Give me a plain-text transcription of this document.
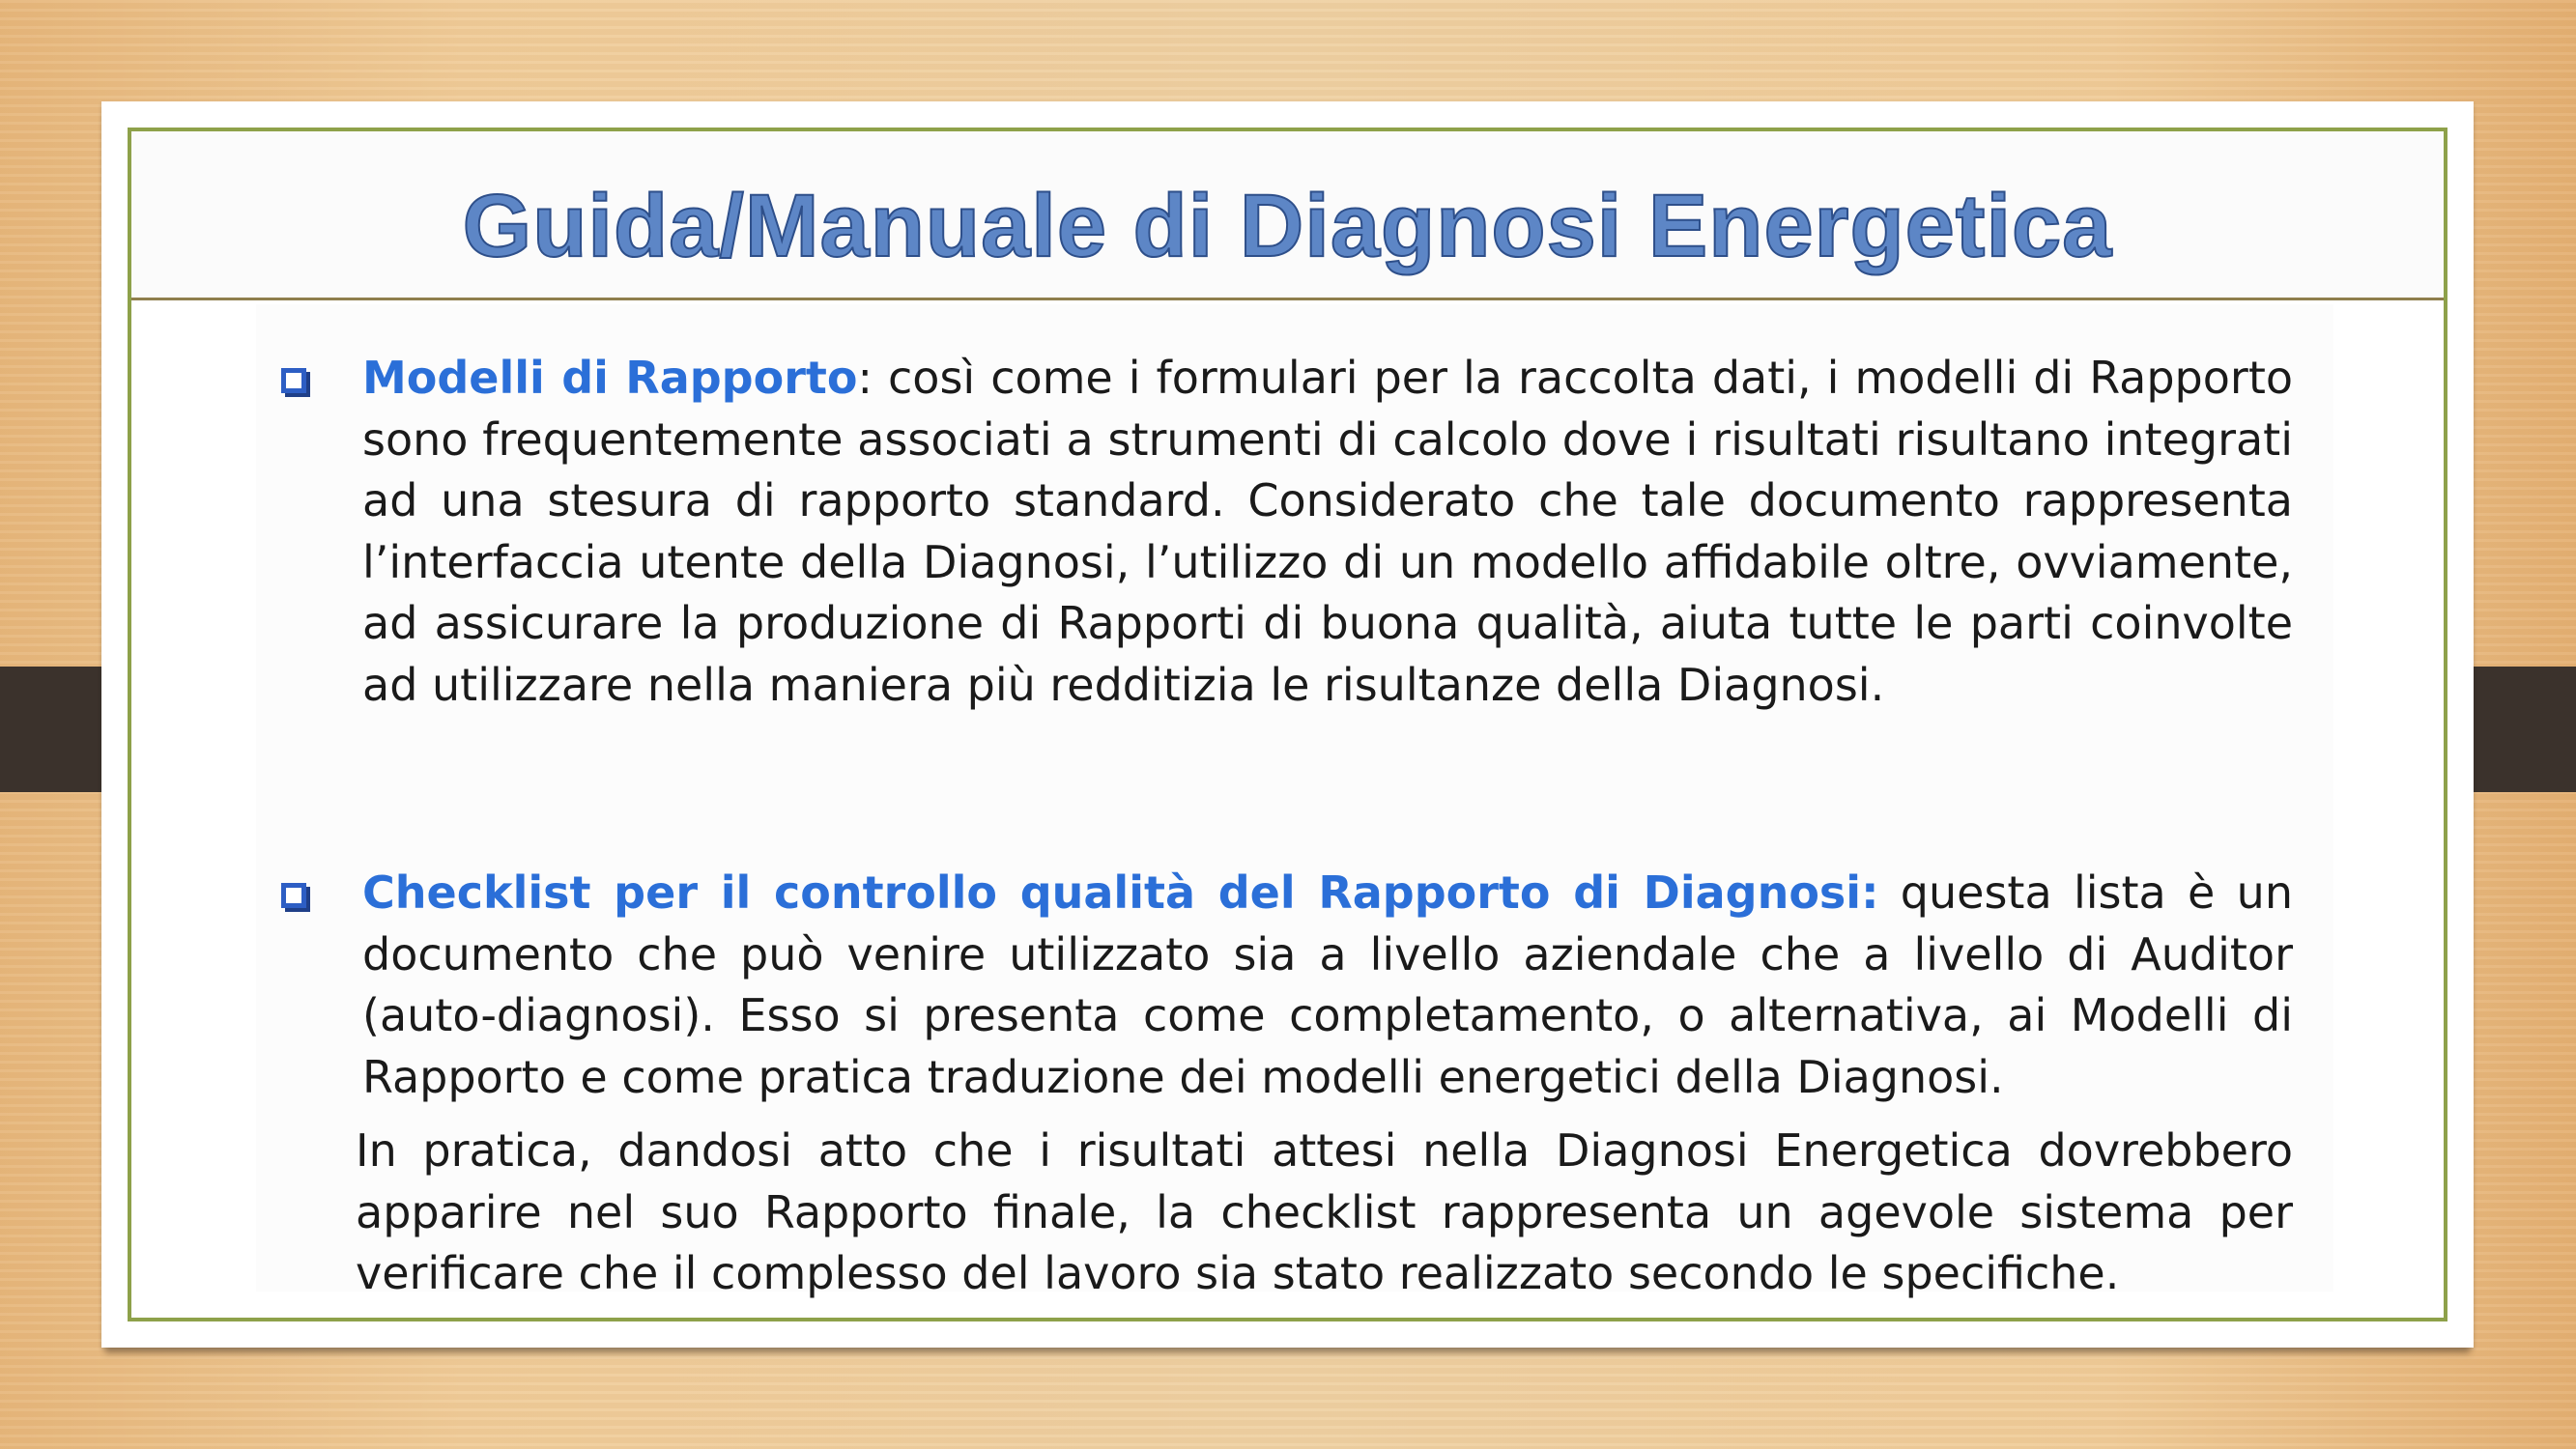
Guida/Manuale di Diagnosi Energetica
Modelli di Rapporto: così come i formulari per la raccolta dati, i modelli di Rapporto sono frequentemente associati a strumenti di calcolo dove i risultati risultano integrati ad una stesura di rapporto standard. Considerato che tale documento rappresenta l’interfaccia utente della Diagnosi, l’utilizzo di un modello affidabile oltre, ovviamente, ad assicurare la produzione di Rapporti di buona qualità, aiuta tutte le parti coinvolte ad utilizzare nella maniera più redditizia le risultanze della Diagnosi.
Checklist per il controllo qualità del Rapporto di Diagnosi: questa lista è un documento che può venire utilizzato sia a livello aziendale che a livello di Auditor (auto-diagnosi). Esso si presenta come completamento, o alternativa, ai Modelli di Rapporto e come pratica traduzione dei modelli energetici della Diagnosi.
In pratica, dandosi atto che i risultati attesi nella Diagnosi Energetica dovrebbero apparire nel suo Rapporto finale, la checklist rappresenta un agevole sistema per verificare che il complesso del lavoro sia stato realizzato secondo le specifiche.
